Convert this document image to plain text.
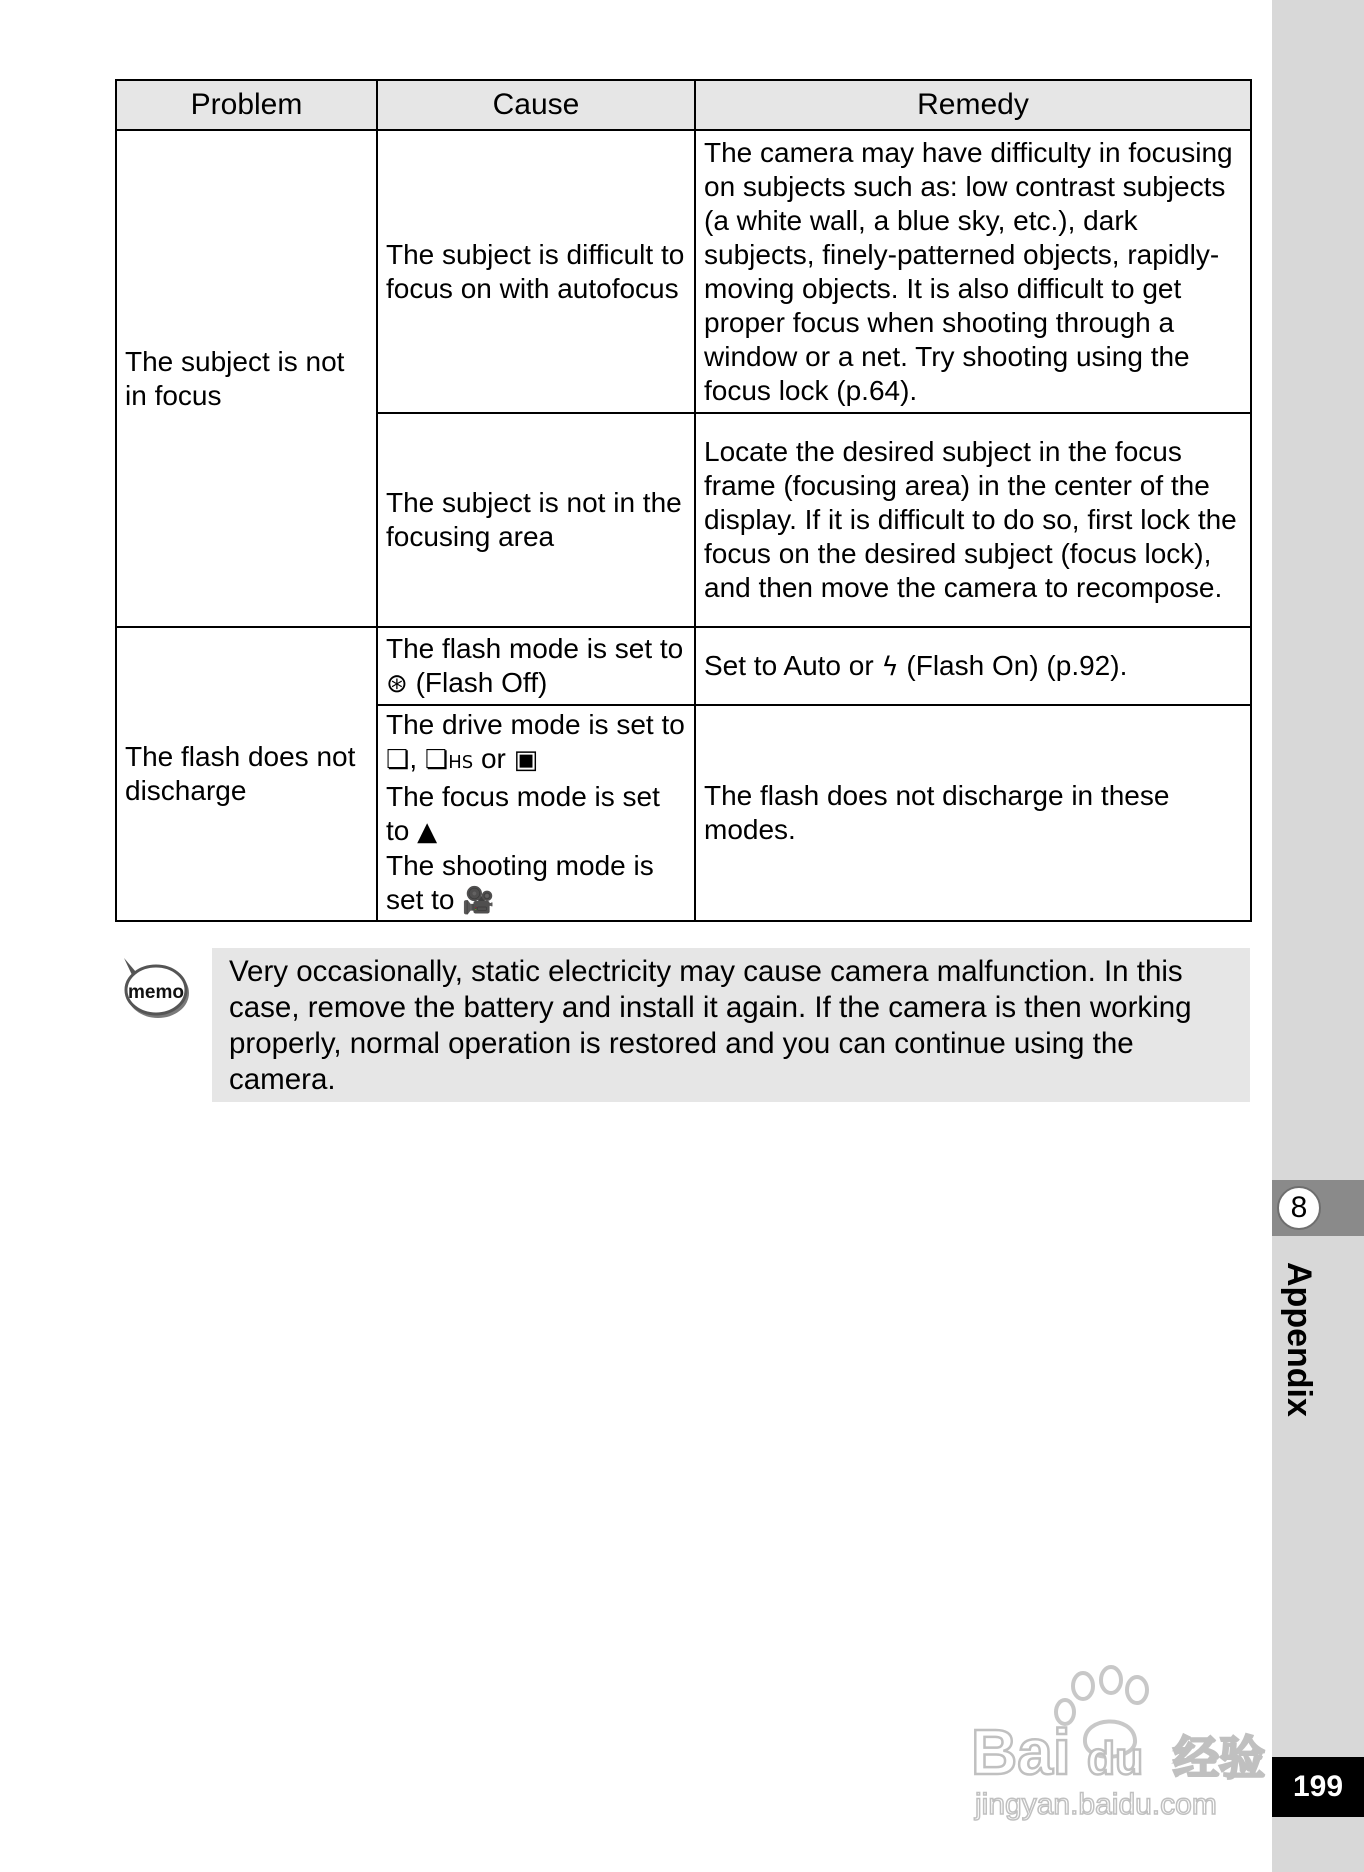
Problem	Cause	Remedy
The subject is not in focus	The subject is difficult to focus on with autofocus	The camera may have difficulty in focusing on subjects such as: low contrast subjects (a white wall, a blue sky, etc.), dark subjects, finely-patterned objects, rapidly-moving objects. It is also difficult to get proper focus when shooting through a window or a net. Try shooting using the focus lock (p.64).
	The subject is not in the focusing area	Locate the desired subject in the focus frame (focusing area) in the center of the display. If it is difficult to do so, first lock the focus on the desired subject (focus lock), and then move the camera to recompose.
The flash does not discharge	The flash mode is set to ⊛ (Flash Off)	Set to Auto or ϟ (Flash On) (p.92).

	The drive mode is set to ❏, ❏HS or ▣
The focus mode is set to ▲
The shooting mode is set to 🎥	The flash does not discharge in these modes.
memo
Very occasionally, static electricity may cause camera malfunction. In this case, remove the battery and install it again. If the camera is then working properly, normal operation is restored and you can continue using the camera.
8
Appendix
199
Bai du 经验
jingyan.baidu.com
